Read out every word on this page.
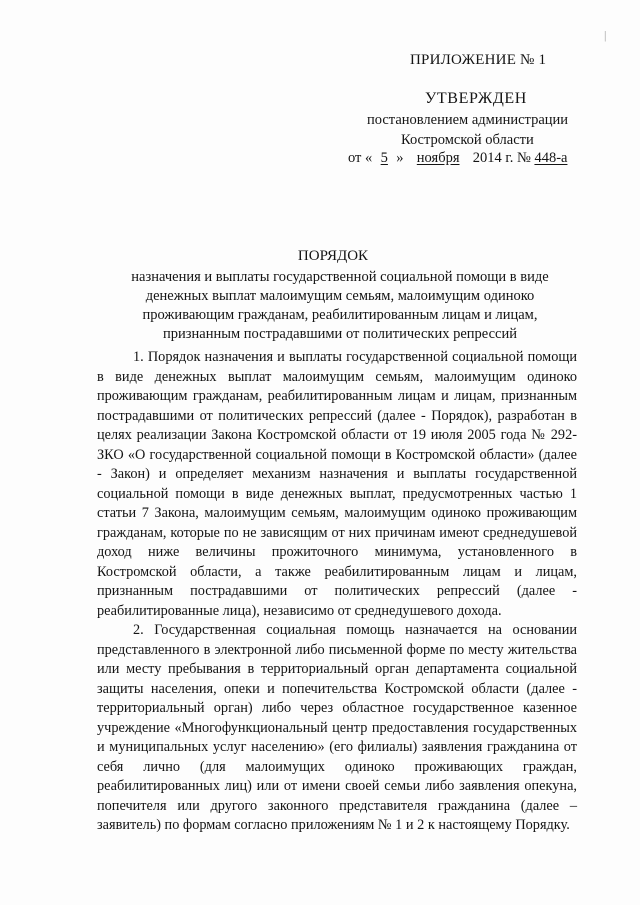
|
ПРИЛОЖЕНИЕ № 1
УТВЕРЖДЕН
постановлением администрации
Костромской области
от « 5 » ноября 2014 г. № 448-а
ПОРЯДОК
назначения и выплаты государственной социальной помощи в виде денежных выплат малоимущим семьям, малоимущим одиноко проживающим гражданам, реабилитированным лицам и лицам, признанным пострадавшими от политических репрессий

1. Порядок назначения и выплаты государственной социальной помощи в виде денежных выплат малоимущим семьям, малоимущим одиноко проживающим гражданам, реабилитированным лицам и лицам, признанным пострадавшими от политических репрессий (далее - Порядок), разработан в целях реализации Закона Костромской области от 19 июля 2005 года № 292-ЗКО «О государственной социальной помощи в Костромской области» (далее - Закон) и определяет механизм назначения и выплаты государственной социальной помощи в виде денежных выплат, предусмотренных частью 1 статьи 7 Закона, малоимущим семьям, малоимущим одиноко проживающим гражданам, которые по не зависящим от них причинам имеют среднедушевой доход ниже величины прожиточного минимума, установленного в Костромской области, а также реабилитированным лицам и лицам, признанным пострадавшими от политических репрессий (далее - реабилитированные лица), независимо от среднедушевого дохода.

2. Государственная социальная помощь назначается на основании представленного в электронной либо письменной форме по месту жительства или месту пребывания в территориальный орган департамента социальной защиты населения, опеки и попечительства Костромской области (далее - территориальный орган) либо через областное государственное казенное учреждение «Многофункциональный центр предоставления государственных и муниципальных услуг населению» (его филиалы) заявления гражданина от себя лично (для малоимущих одиноко проживающих граждан, реабилитированных лиц) или от имени своей семьи либо заявления опекуна, попечителя или другого законного представителя гражданина (далее – заявитель) по формам согласно приложениям № 1 и 2 к настоящему Порядку.
